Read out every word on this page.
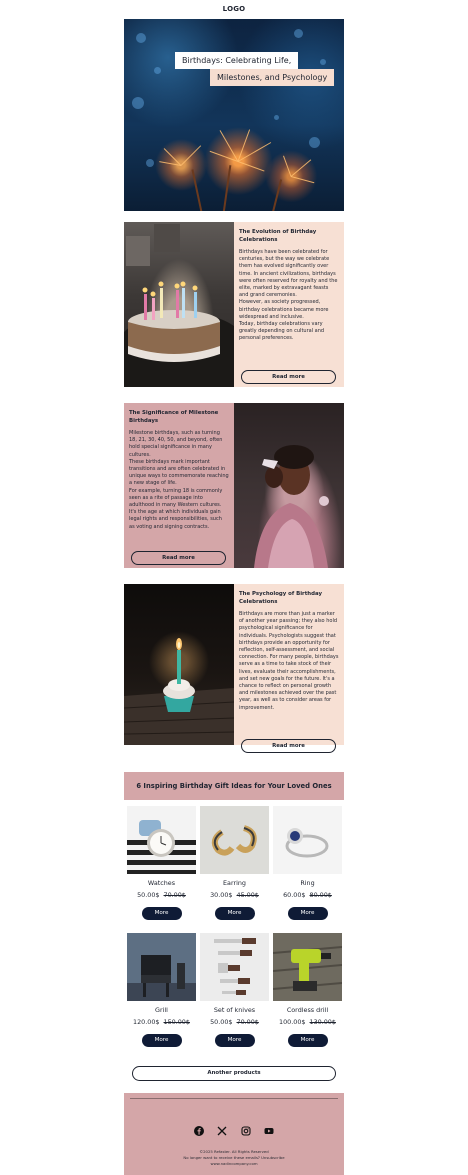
LOGO
Birthdays: Celebrating Life,
Milestones, and Psychology
The Evolution of Birthday Celebrations
Birthdays have been celebrated for centuries, but the way we celebrate them has evolved significantly over time. In ancient civilizations, birthdays were often reserved for royalty and the elite, marked by extravagant feasts and grand ceremonies.
However, as society progressed, birthday celebrations became more widespread and inclusive.
Today, birthday celebrations vary greatly depending on cultural and personal preferences.
Read more
The Significance of Milestone Birthdays
Milestone birthdays, such as turning 18, 21, 30, 40, 50, and beyond, often hold special significance in many cultures.
These birthdays mark important transitions and are often celebrated in unique ways to commemorate reaching a new stage of life.
For example, turning 18 is commonly seen as a rite of passage into adulthood in many Western cultures. It's the age at which individuals gain legal rights and responsibilities, such as voting and signing contracts.
Read more
The Psychology of Birthday Celebrations
Birthdays are more than just a marker of another year passing; they also hold psychological significance for individuals. Psychologists suggest that birthdays provide an opportunity for reflection, self-assessment, and social connection. For many people, birthdays serve as a time to take stock of their lives, evaluate their accomplishments, and set new goals for the future. It's a chance to reflect on personal growth and milestones achieved over the past year, as well as to consider areas for improvement.
Read more
6 Inspiring Birthday Gift Ideas for Your Loved Ones
Watches
50.00$ 70.00$
More
Earring
30.00$ 45.00$
More
Ring
60.00$ 80.00$
More
Grill
120.00$ 150.00$
More
Set of knives
50.00$ 70.00$
More
Cordless drill
100.00$ 130.00$
More
Another products

©2025 Refaster. All Rights Reserved
No longer want to receive these emails? Unsubscribe
www.nadincompany.com
